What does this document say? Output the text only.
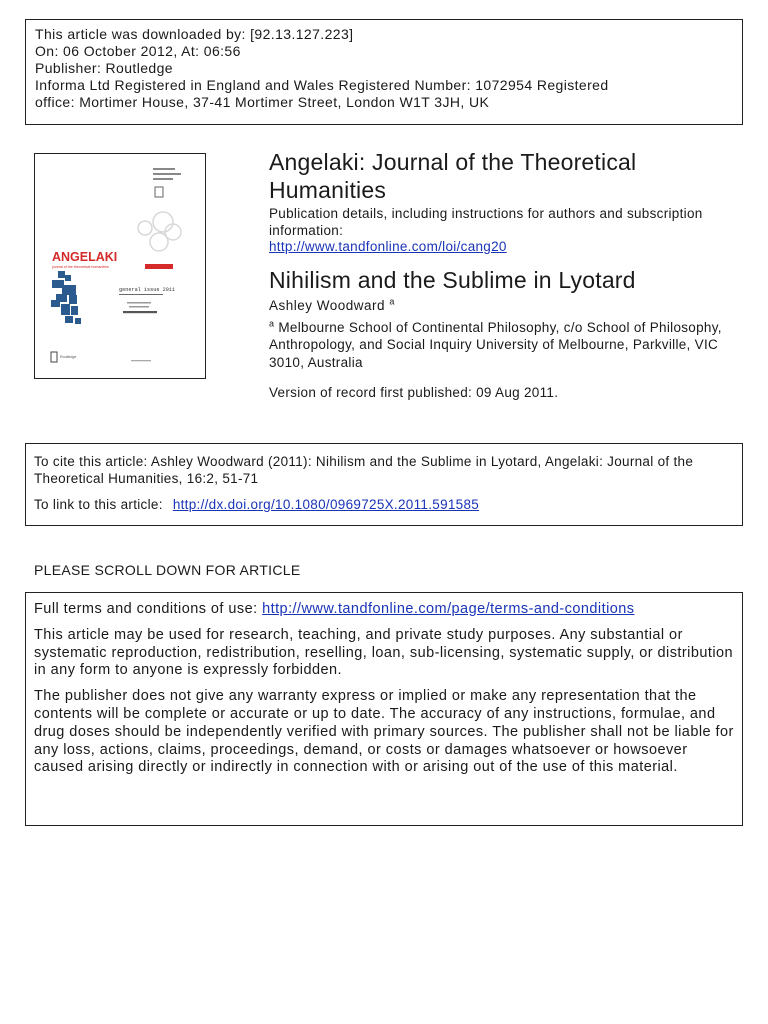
This article was downloaded by: [92.13.127.223]
On: 06 October 2012, At: 06:56
Publisher: Routledge
Informa Ltd Registered in England and Wales Registered Number: 1072954 Registered
office: Mortimer House, 37-41 Mortimer Street, London W1T 3JH, UK
ANGELAKI
journal of the theoretical humanities
general issue 2011
Routledge
Angelaki: Journal of the Theoretical Humanities
Publication details, including instructions for authors and subscription information:
http://www.tandfonline.com/loi/cang20
Nihilism and the Sublime in Lyotard
Ashley Woodward $^a$
$^a$ Melbourne School of Continental Philosophy, c/o School of Philosophy, Anthropology, and Social Inquiry University of Melbourne, Parkville, VIC 3010, Australia
Version of record first published: 09 Aug 2011.
To cite this article: Ashley Woodward (2011): Nihilism and the Sublime in Lyotard, Angelaki: Journal of the Theoretical Humanities, 16:2, 51-71
To link to this article: http://dx.doi.org/10.1080/0969725X.2011.591585
PLEASE SCROLL DOWN FOR ARTICLE

Full terms and conditions of use: http://www.tandfonline.com/page/terms-and-conditions

This article may be used for research, teaching, and private study purposes. Any substantial or systematic reproduction, redistribution, reselling, loan, sub-licensing, systematic supply, or distribution in any form to anyone is expressly forbidden.

The publisher does not give any warranty express or implied or make any representation that the contents will be complete or accurate or up to date. The accuracy of any instructions, formulae, and drug doses should be independently verified with primary sources. The publisher shall not be liable for any loss, actions, claims, proceedings, demand, or costs or damages whatsoever or howsoever caused arising directly or indirectly in connection with or arising out of the use of this material.
